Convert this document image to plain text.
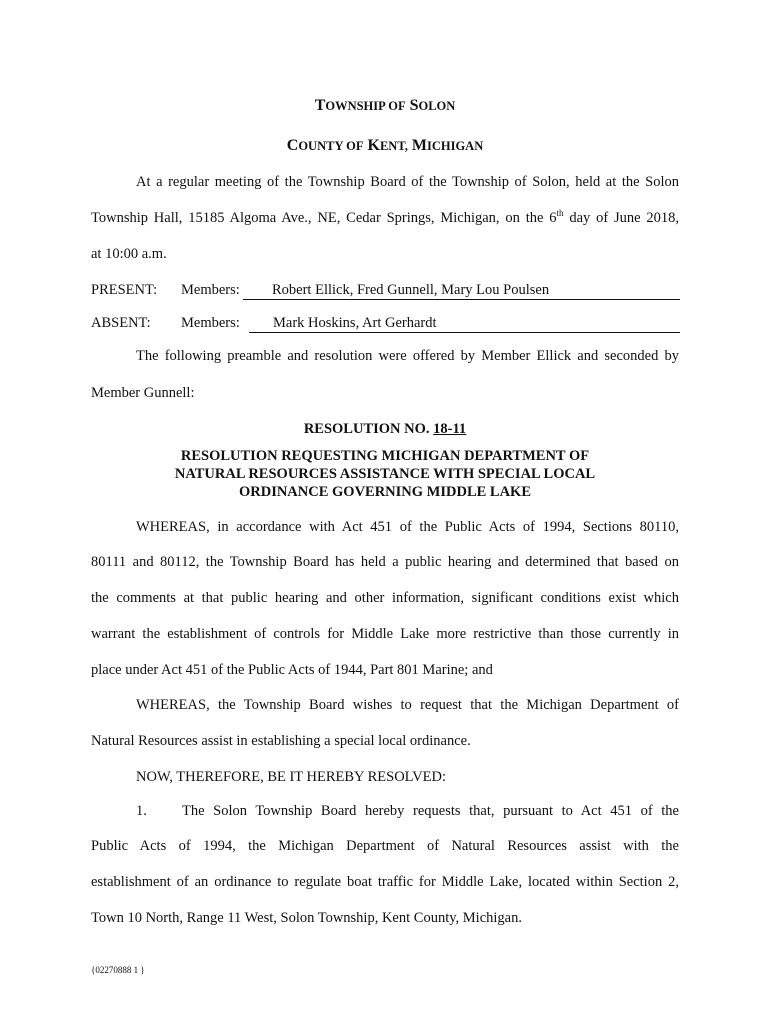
TOWNSHIP OF SOLON
COUNTY OF KENT, MICHIGAN
At a regular meeting of the Township Board of the Township of Solon, held at the Solon
Township Hall, 15185 Algoma Ave., NE, Cedar Springs, Michigan, on the 6th day of June 2018,
at 10:00 a.m.
PRESENT:	Members:	Robert Ellick, Fred Gunnell, Mary Lou Poulsen
ABSENT:	Members:	Mark Hoskins, Art Gerhardt
The following preamble and resolution were offered by Member Ellick and seconded by
Member Gunnell:
RESOLUTION NO. 18-11
RESOLUTION REQUESTING MICHIGAN DEPARTMENT OF
NATURAL RESOURCES ASSISTANCE WITH SPECIAL LOCAL
ORDINANCE GOVERNING MIDDLE LAKE
WHEREAS, in accordance with Act 451 of the Public Acts of 1994, Sections 80110,
80111 and 80112, the Township Board has held a public hearing and determined that based on
the comments at that public hearing and other information, significant conditions exist which
warrant the establishment of controls for Middle Lake more restrictive than those currently in
place under Act 451 of the Public Acts of 1944, Part 801 Marine; and
WHEREAS, the Township Board wishes to request that the Michigan Department of
Natural Resources assist in establishing a special local ordinance.
NOW, THEREFORE, BE IT HEREBY RESOLVED:
1.	The Solon Township Board hereby requests that, pursuant to Act 451 of the
Public Acts of 1994, the Michigan Department of Natural Resources assist with the
establishment of an ordinance to regulate boat traffic for Middle Lake, located within Section 2,
Town 10 North, Range 11 West, Solon Township, Kent County, Michigan.
{02270888 1 }
